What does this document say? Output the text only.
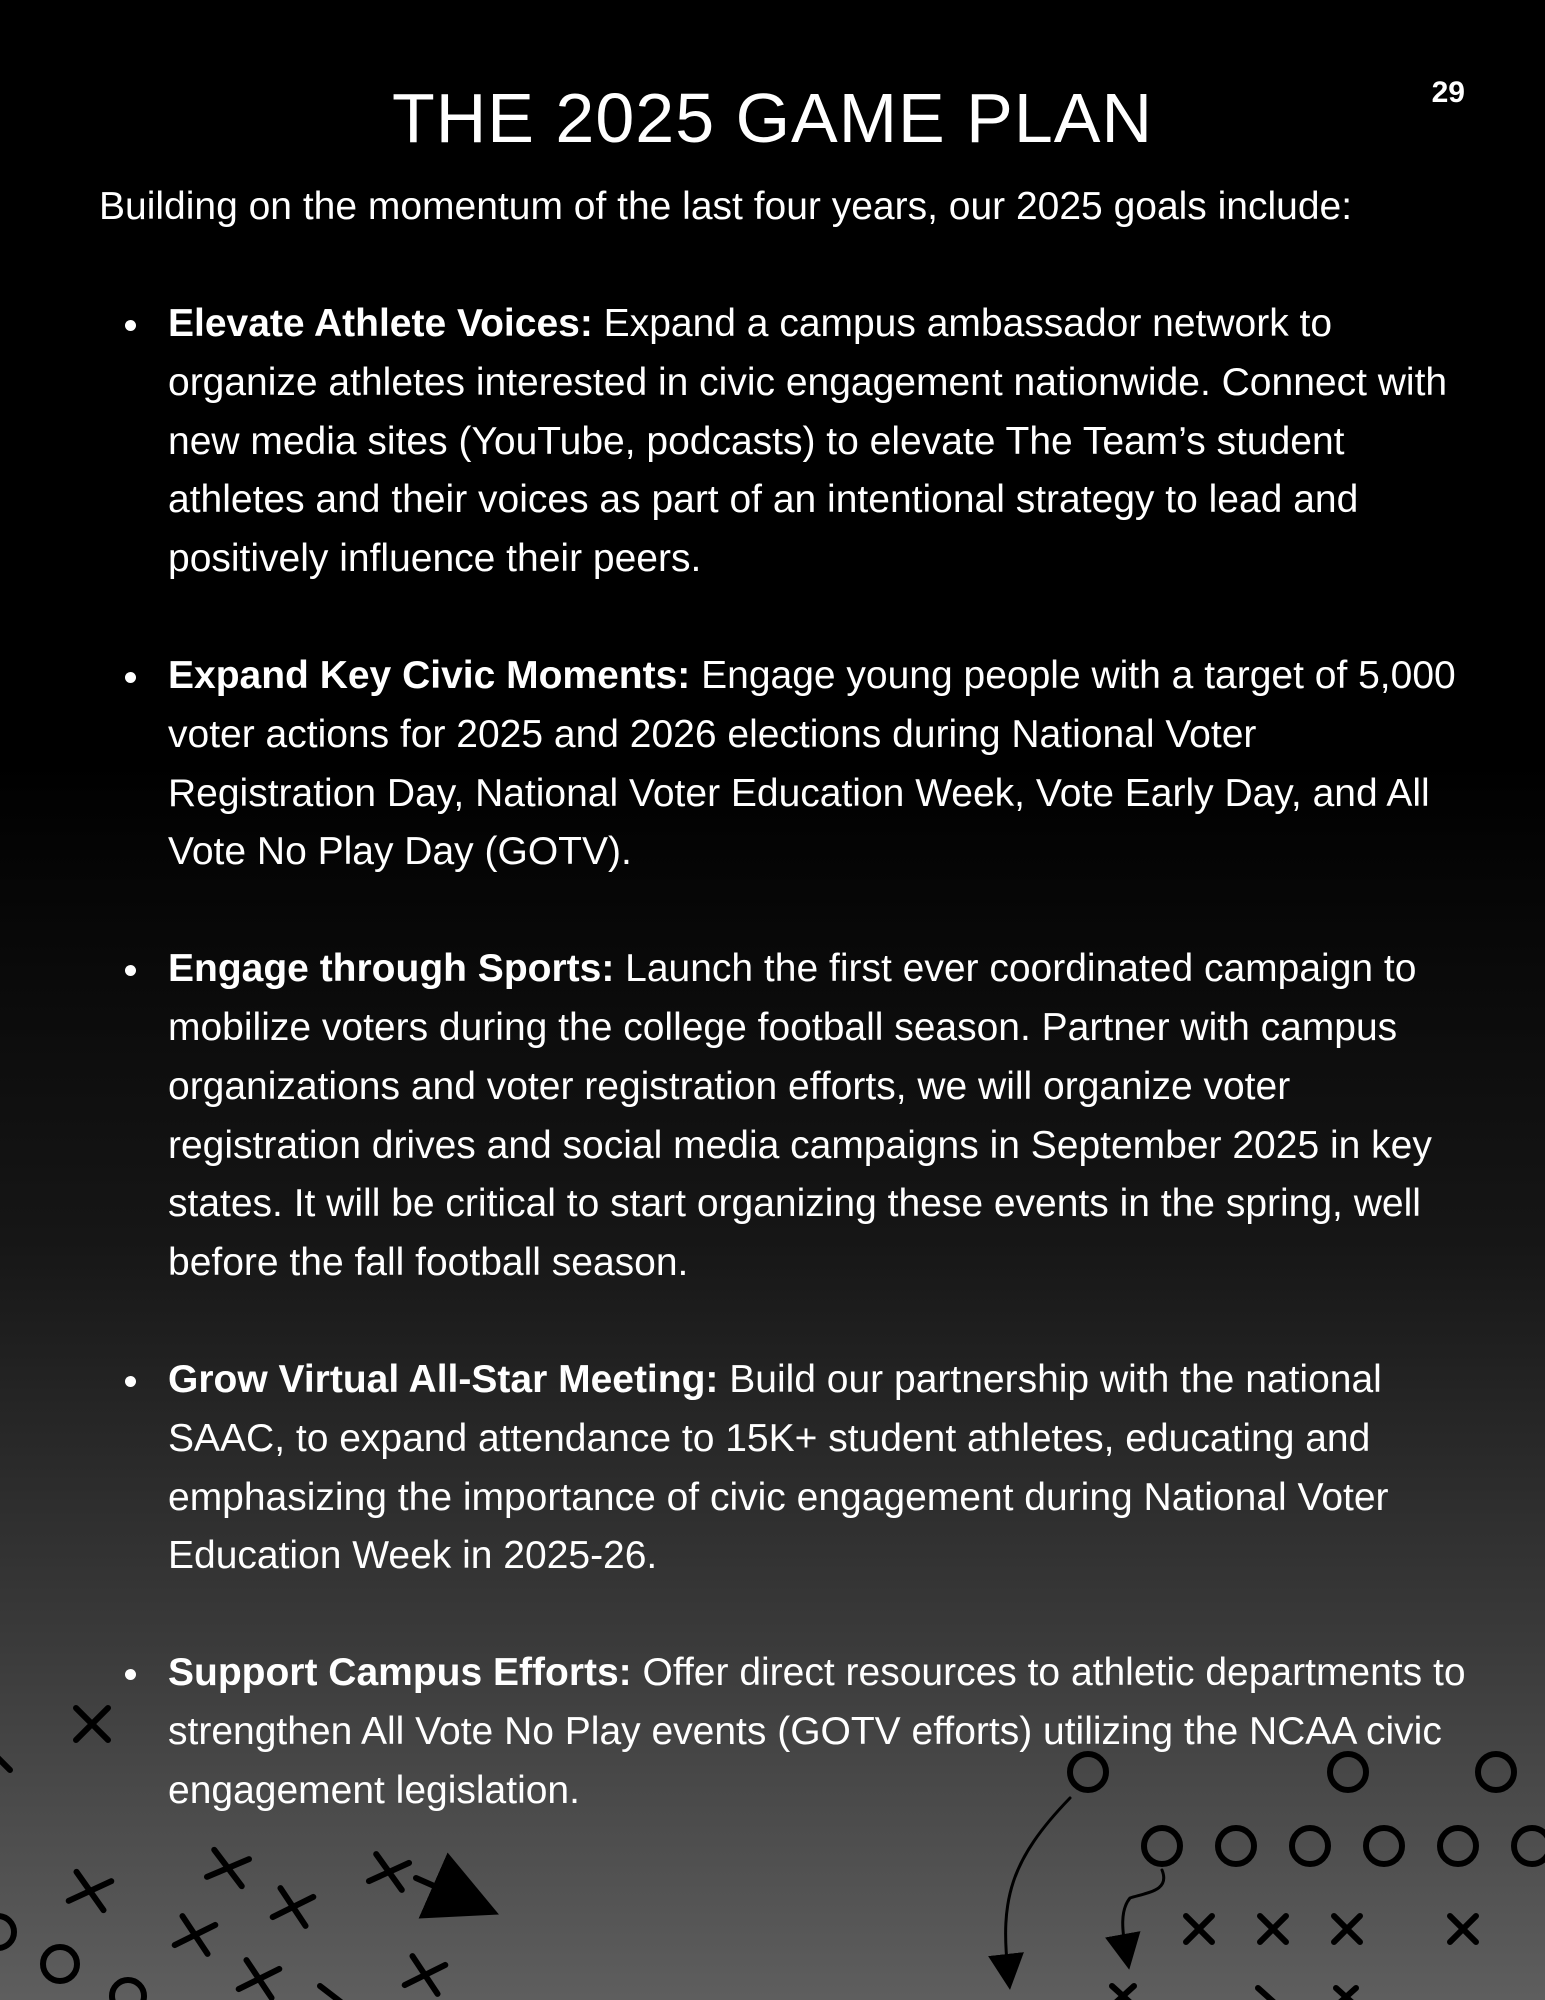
29
THE 2025 GAME PLAN

Building on the momentum of the last four years, our 2025 goals include:

Elevate Athlete Voices: Expand a campus ambassador network to organize athletes interested in civic engagement nationwide. Connect with new media sites (YouTube, podcasts) to elevate The Team’s student athletes and their voices as part of an intentional strategy to lead and positively influence their peers.
Expand Key Civic Moments: Engage young people with a target of 5,000 voter actions for 2025 and 2026 elections during National Voter Registration Day, National Voter Education Week, Vote Early Day, and All Vote No Play Day (GOTV).
Engage through Sports: Launch the first ever coordinated campaign to mobilize voters during the college football season. Partner with campus organizations and voter registration efforts, we will organize voter registration drives and social media campaigns in September 2025 in key states. It will be critical to start organizing these events in the spring, well before the fall football season.
Grow Virtual All-Star Meeting: Build our partnership with the national SAAC, to expand attendance to 15K+ student athletes, educating and emphasizing the importance of civic engagement during National Voter Education Week in 2025-26.
Support Campus Efforts: Offer direct resources to athletic departments to strengthen All Vote No Play events (GOTV efforts) utilizing the NCAA civic engagement legislation.
